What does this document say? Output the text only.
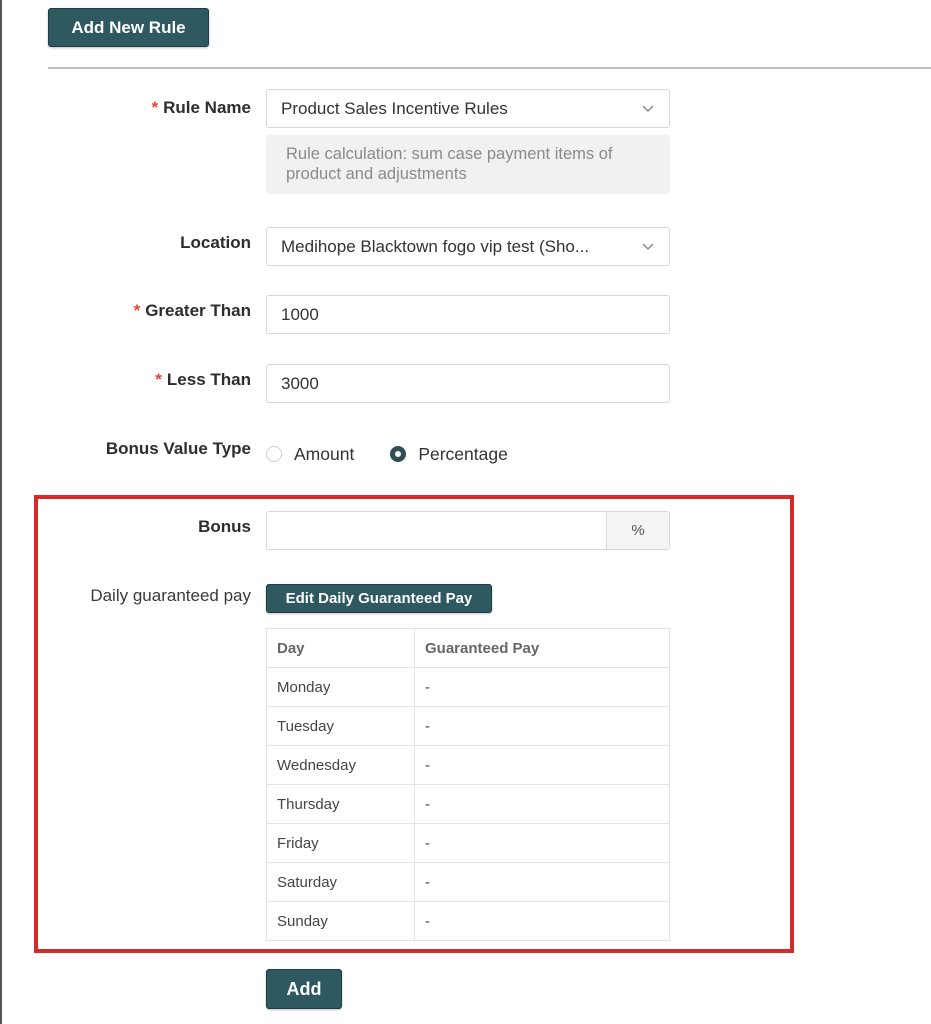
Add New Rule
* Rule Name Product Sales Incentive Rules
Rule calculation: sum case payment items of product and adjustments
Location Medihope Blacktown fogo vip test (Sho...
* Greater Than 1000
* Less Than 3000
Bonus Value Type Amount	Percentage
Bonus	%
Daily guaranteed pay	Edit Daily Guaranteed Pay
Day	Guaranteed Pay
Monday	-
Tuesday	-
Wednesday	-
Thursday	-
Friday	-
Saturday	-
Sunday	-
Add
